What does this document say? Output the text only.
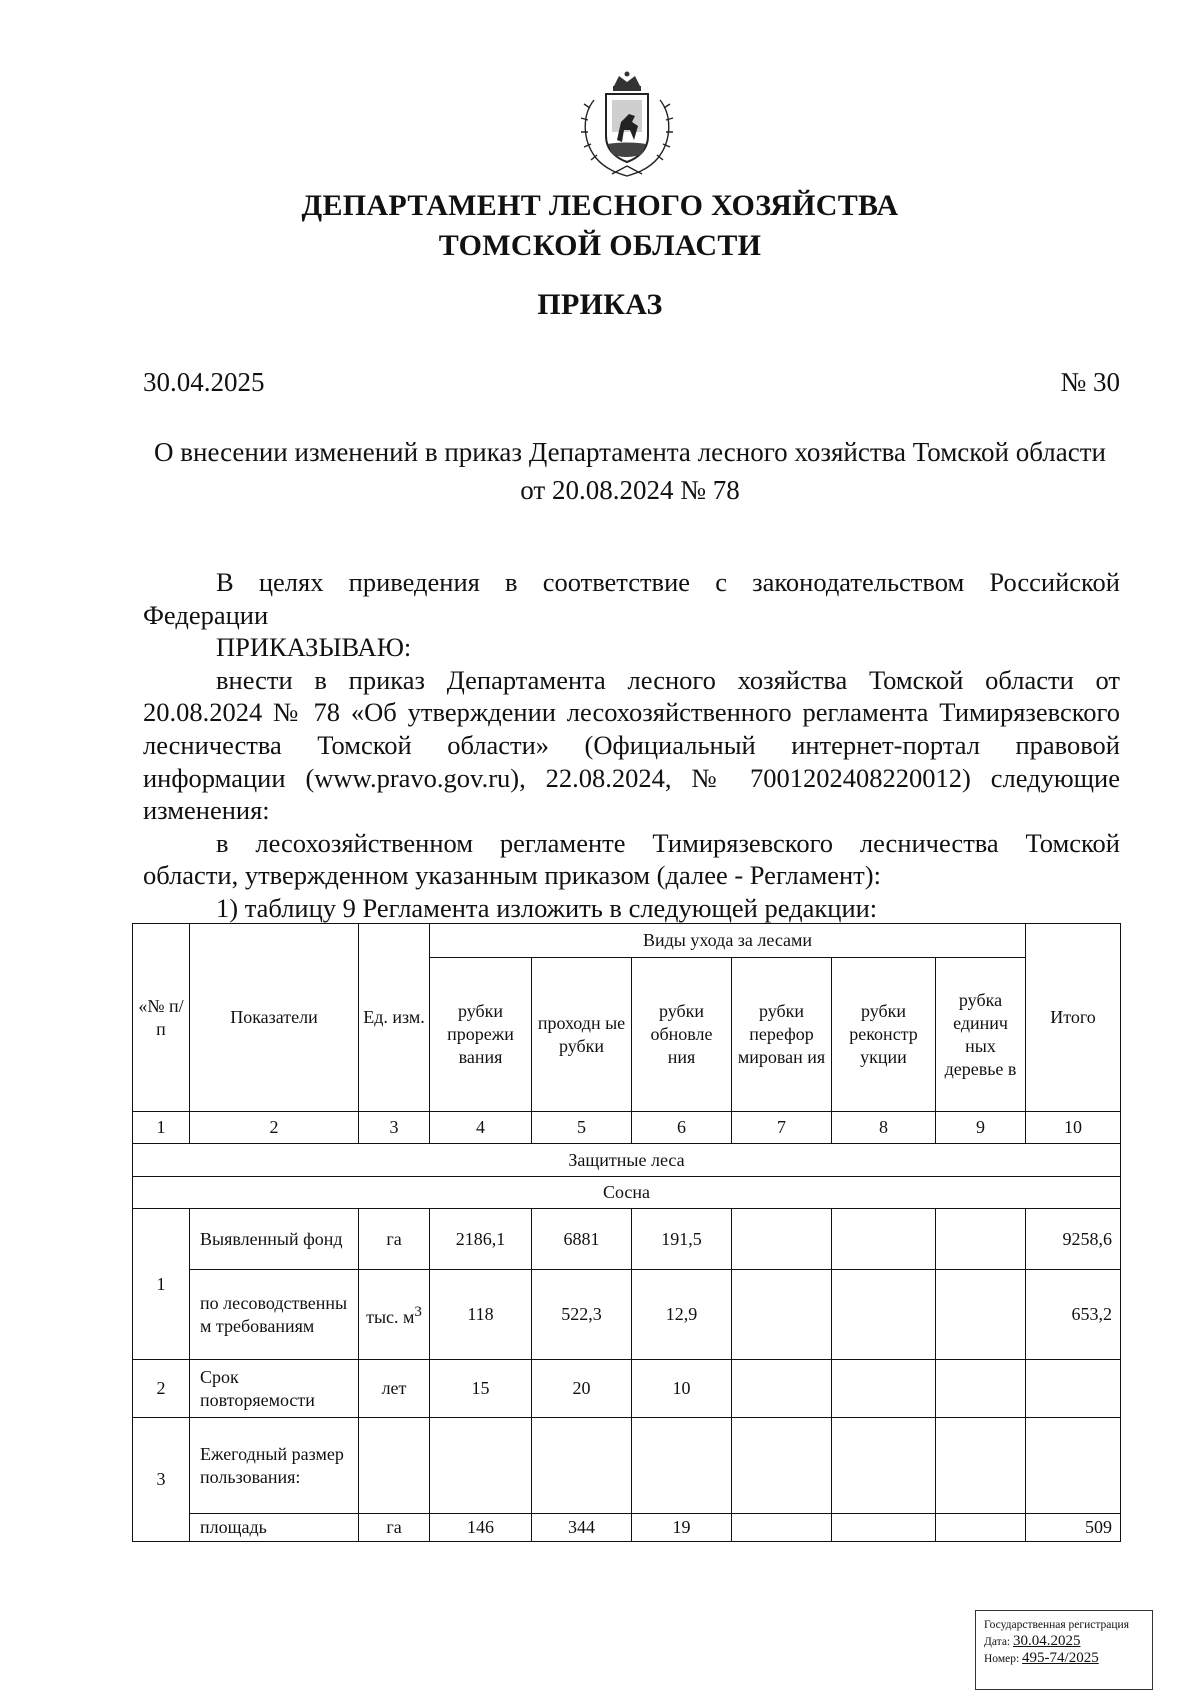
ДЕПАРТАМЕНТ ЛЕСНОГО ХОЗЯЙСТВА
ТОМСКОЙ ОБЛАСТИ
ПРИКАЗ
30.04.2025	№ 30
О внесении изменений в приказ Департамента лесного хозяйства Томской области от 20.08.2024 № 78

В целях приведения в соответствие с законодательством Российской Федерации

ПРИКАЗЫВАЮ:

внести в приказ Департамента лесного хозяйства Томской области от 20.08.2024 № 78 «Об утверждении лесохозяйственного регламента Тимирязевского лесничества Томской области» (Официальный интернет-портал правовой информации (www.pravo.gov.ru), 22.08.2024, № 7001202408220012) следующие изменения:

в лесохозяйственном регламенте Тимирязевского лесничества Томской области, утвержденном указанным приказом (далее - Регламент):

1) таблицу 9 Регламента изложить в следующей редакции:

«№ п/п	Показатели	Ед. изм.	Виды ухода за лесами						Итого
			рубки прорежи вания	проходн ые рубки	рубки обновле ния	рубки перефор мирован ия	рубки реконстр укции	рубка единич ных деревье в	
1	2	3	4	5	6	7	8	9	10
Защитные леса									
Сосна									
1	Выявленный фонд	га	2186,1	6881	191,5				9258,6
	по лесоводственны м требованиям	тыс. $м^3$	118	522,3	12,9				653,2
2	Срок повторяемости	лет	15	20	10				
3	Ежегодный размер пользования:								
	площадь	га	146	344	19				509
Государственная регистрация
Дата: 30.04.2025
Номер: 495-74/2025
